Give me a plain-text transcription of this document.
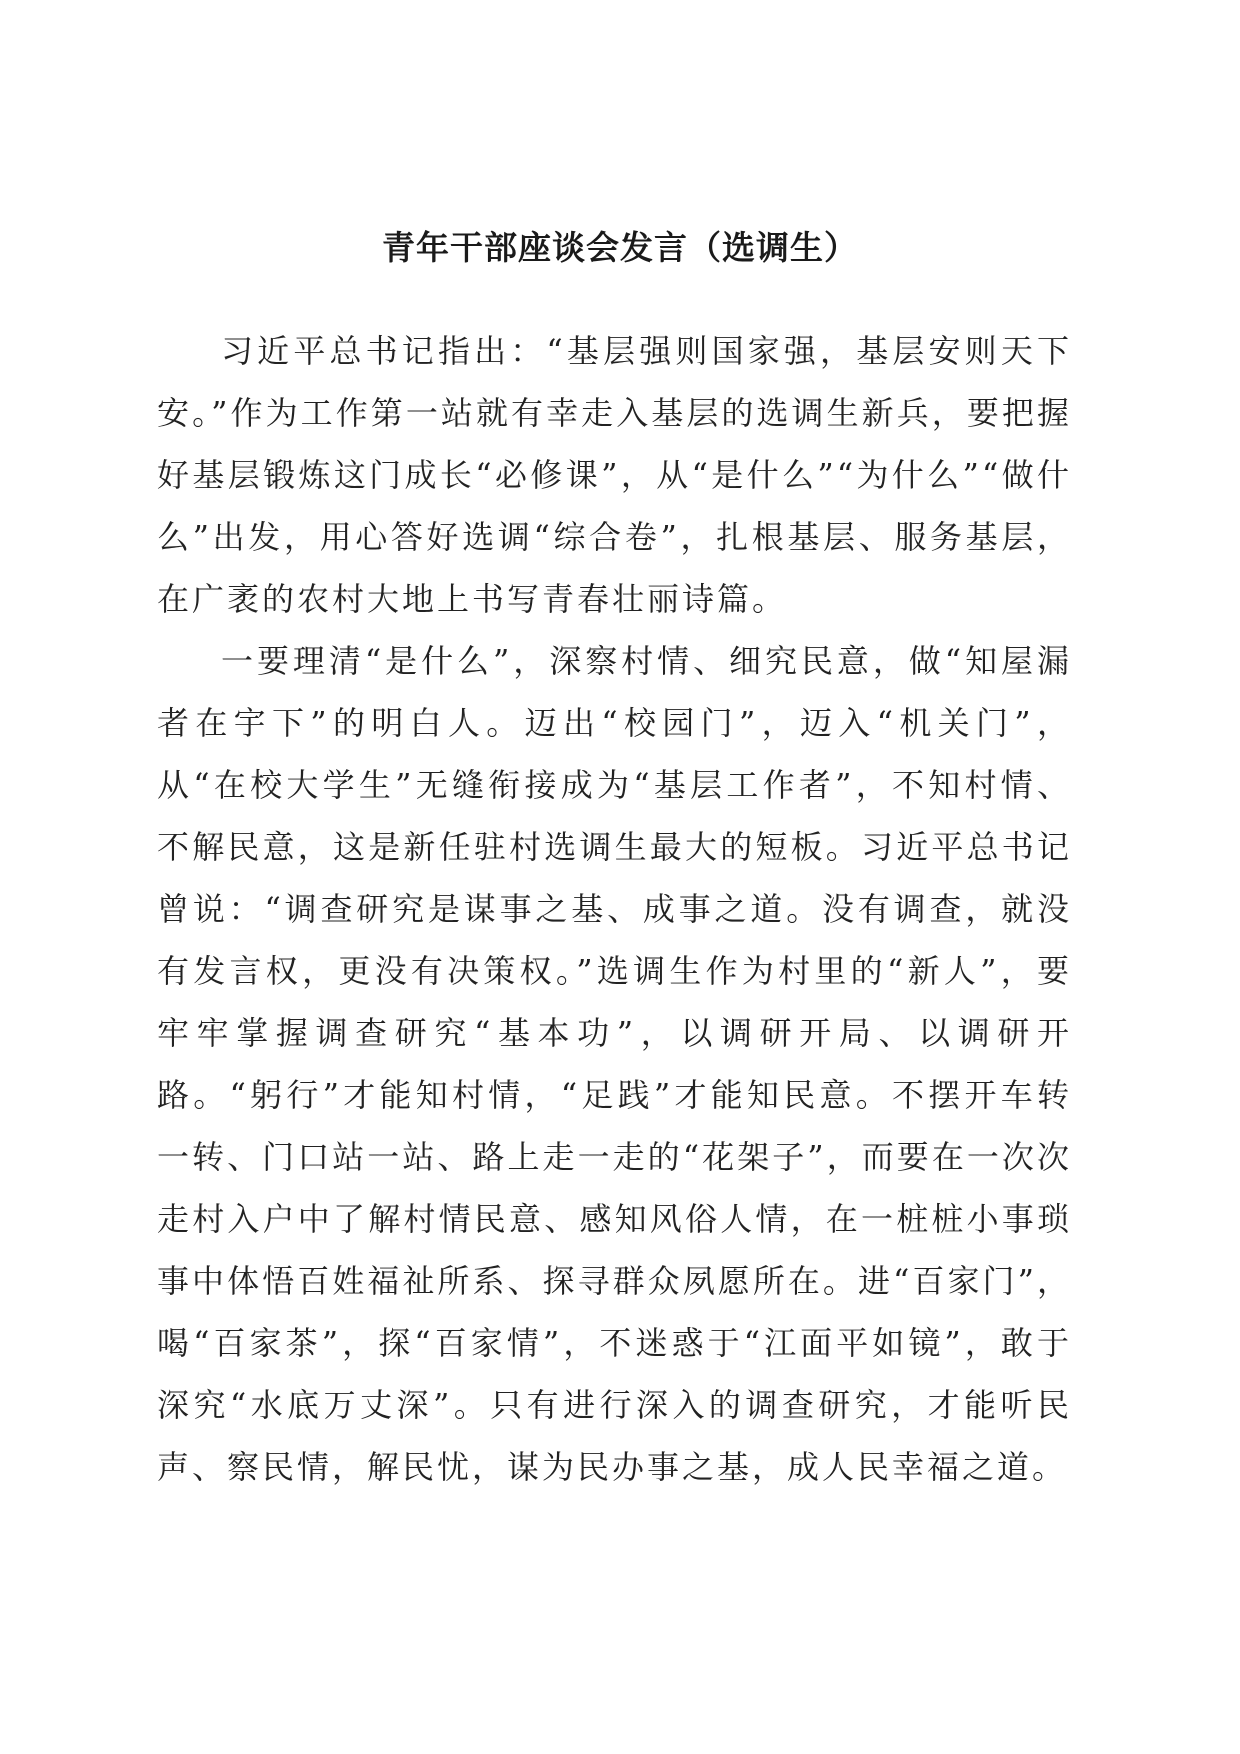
青年干部座谈会发言（选调生）

习近平总书记指出：“基层强则国家强，基层安则天下安。”作为工作第一站就有幸走入基层的选调生新兵，要把握好基层锻炼这门成长“必修课”，从“是什么”“为什么”“做什么”出发，用心答好选调“综合卷”，扎根基层、服务基层，在广袤的农村大地上书写青春壮丽诗篇。

一要理清“是什么”，深察村情、细究民意，做“知屋漏者在宇下”的明白人。迈出“校园门”，迈入“机关门”，从“在校大学生”无缝衔接成为“基层工作者”，不知村情、不解民意，这是新任驻村选调生最大的短板。习近平总书记曾说：“调查研究是谋事之基、成事之道。没有调查，就没有发言权，更没有决策权。”选调生作为村里的“新人”，要牢牢掌握调查研究“基本功”，以调研开局、以调研开路。“躬行”才能知村情，“足践”才能知民意。不摆开车转一转、门口站一站、路上走一走的“花架子”，而要在一次次走村入户中了解村情民意、感知风俗人情，在一桩桩小事琐事中体悟百姓福祉所系、探寻群众夙愿所在。进“百家门”，喝“百家茶”，探“百家情”，不迷惑于“江面平如镜”，敢于深究“水底万丈深”。只有进行深入的调查研究，才能听民声、察民情，解民忧，谋为民办事之基，成人民幸福之道。
